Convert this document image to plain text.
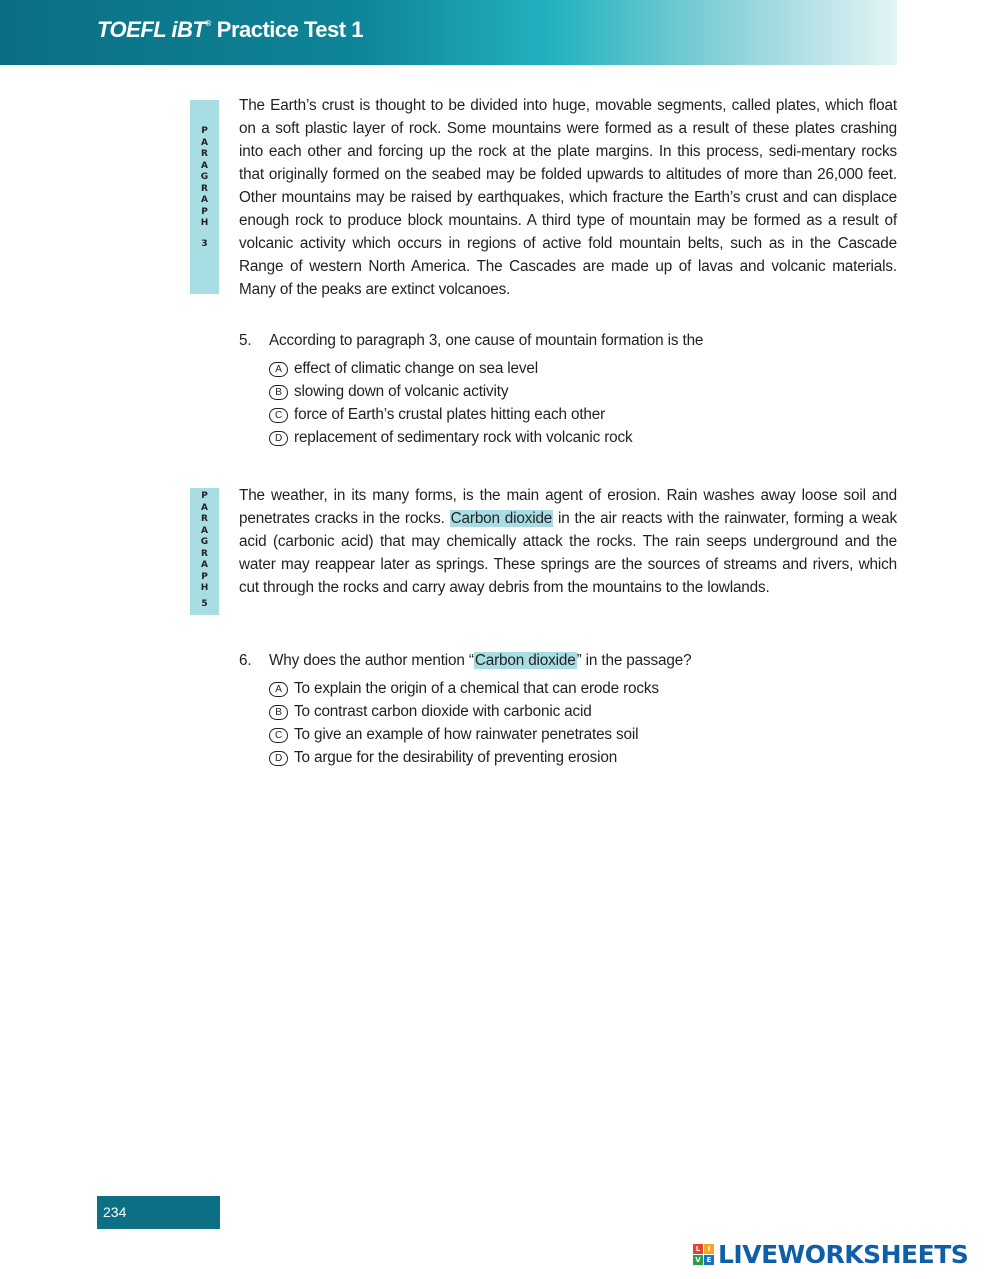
TOEFL iBT® Practice Test 1
P
A
R
A
G
R
A
P
H
3

The Earth’s crust is thought to be divided into huge, movable segments, called plates, which float on a soft plastic layer of rock. Some mountains were formed as a result of these plates crashing into each other and forcing up the rock at the plate margins. In this process, sedi-mentary rocks that originally formed on the seabed may be folded upwards to altitudes of more than 26,000 feet. Other mountains may be raised by earthquakes, which fracture the Earth’s crust and can displace enough rock to produce block mountains. A third type of mountain may be formed as a result of volcanic activity which occurs in regions of active fold mountain belts, such as in the Cascade Range of western North America. The Cascades are made up of lavas and volcanic materials. Many of the peaks are extinct volcanoes.

5. According to paragraph 3, one cause of mountain formation is the
A effect of climatic change on sea level
B slowing down of volcanic activity
C force of Earth’s crustal plates hitting each other
D replacement of sedimentary rock with volcanic rock
P
A
R
A
G
R
A
P
H
5

The weather, in its many forms, is the main agent of erosion. Rain washes away loose soil and penetrates cracks in the rocks. Carbon dioxide in the air reacts with the rainwater, forming a weak acid (carbonic acid) that may chemically attack the rocks. The rain seeps underground and the water may reappear later as springs. These springs are the sources of streams and rivers, which cut through the rocks and carry away debris from the mountains to the lowlands.

6. Why does the author mention “Carbon dioxide” in the passage?
A To explain the origin of a chemical that can erode rocks
B To contrast carbon dioxide with carbonic acid
C To give an example of how rainwater penetrates soil
D To argue for the desirability of preventing erosion
234
L	I
V E LIVEWORKSHEETS
